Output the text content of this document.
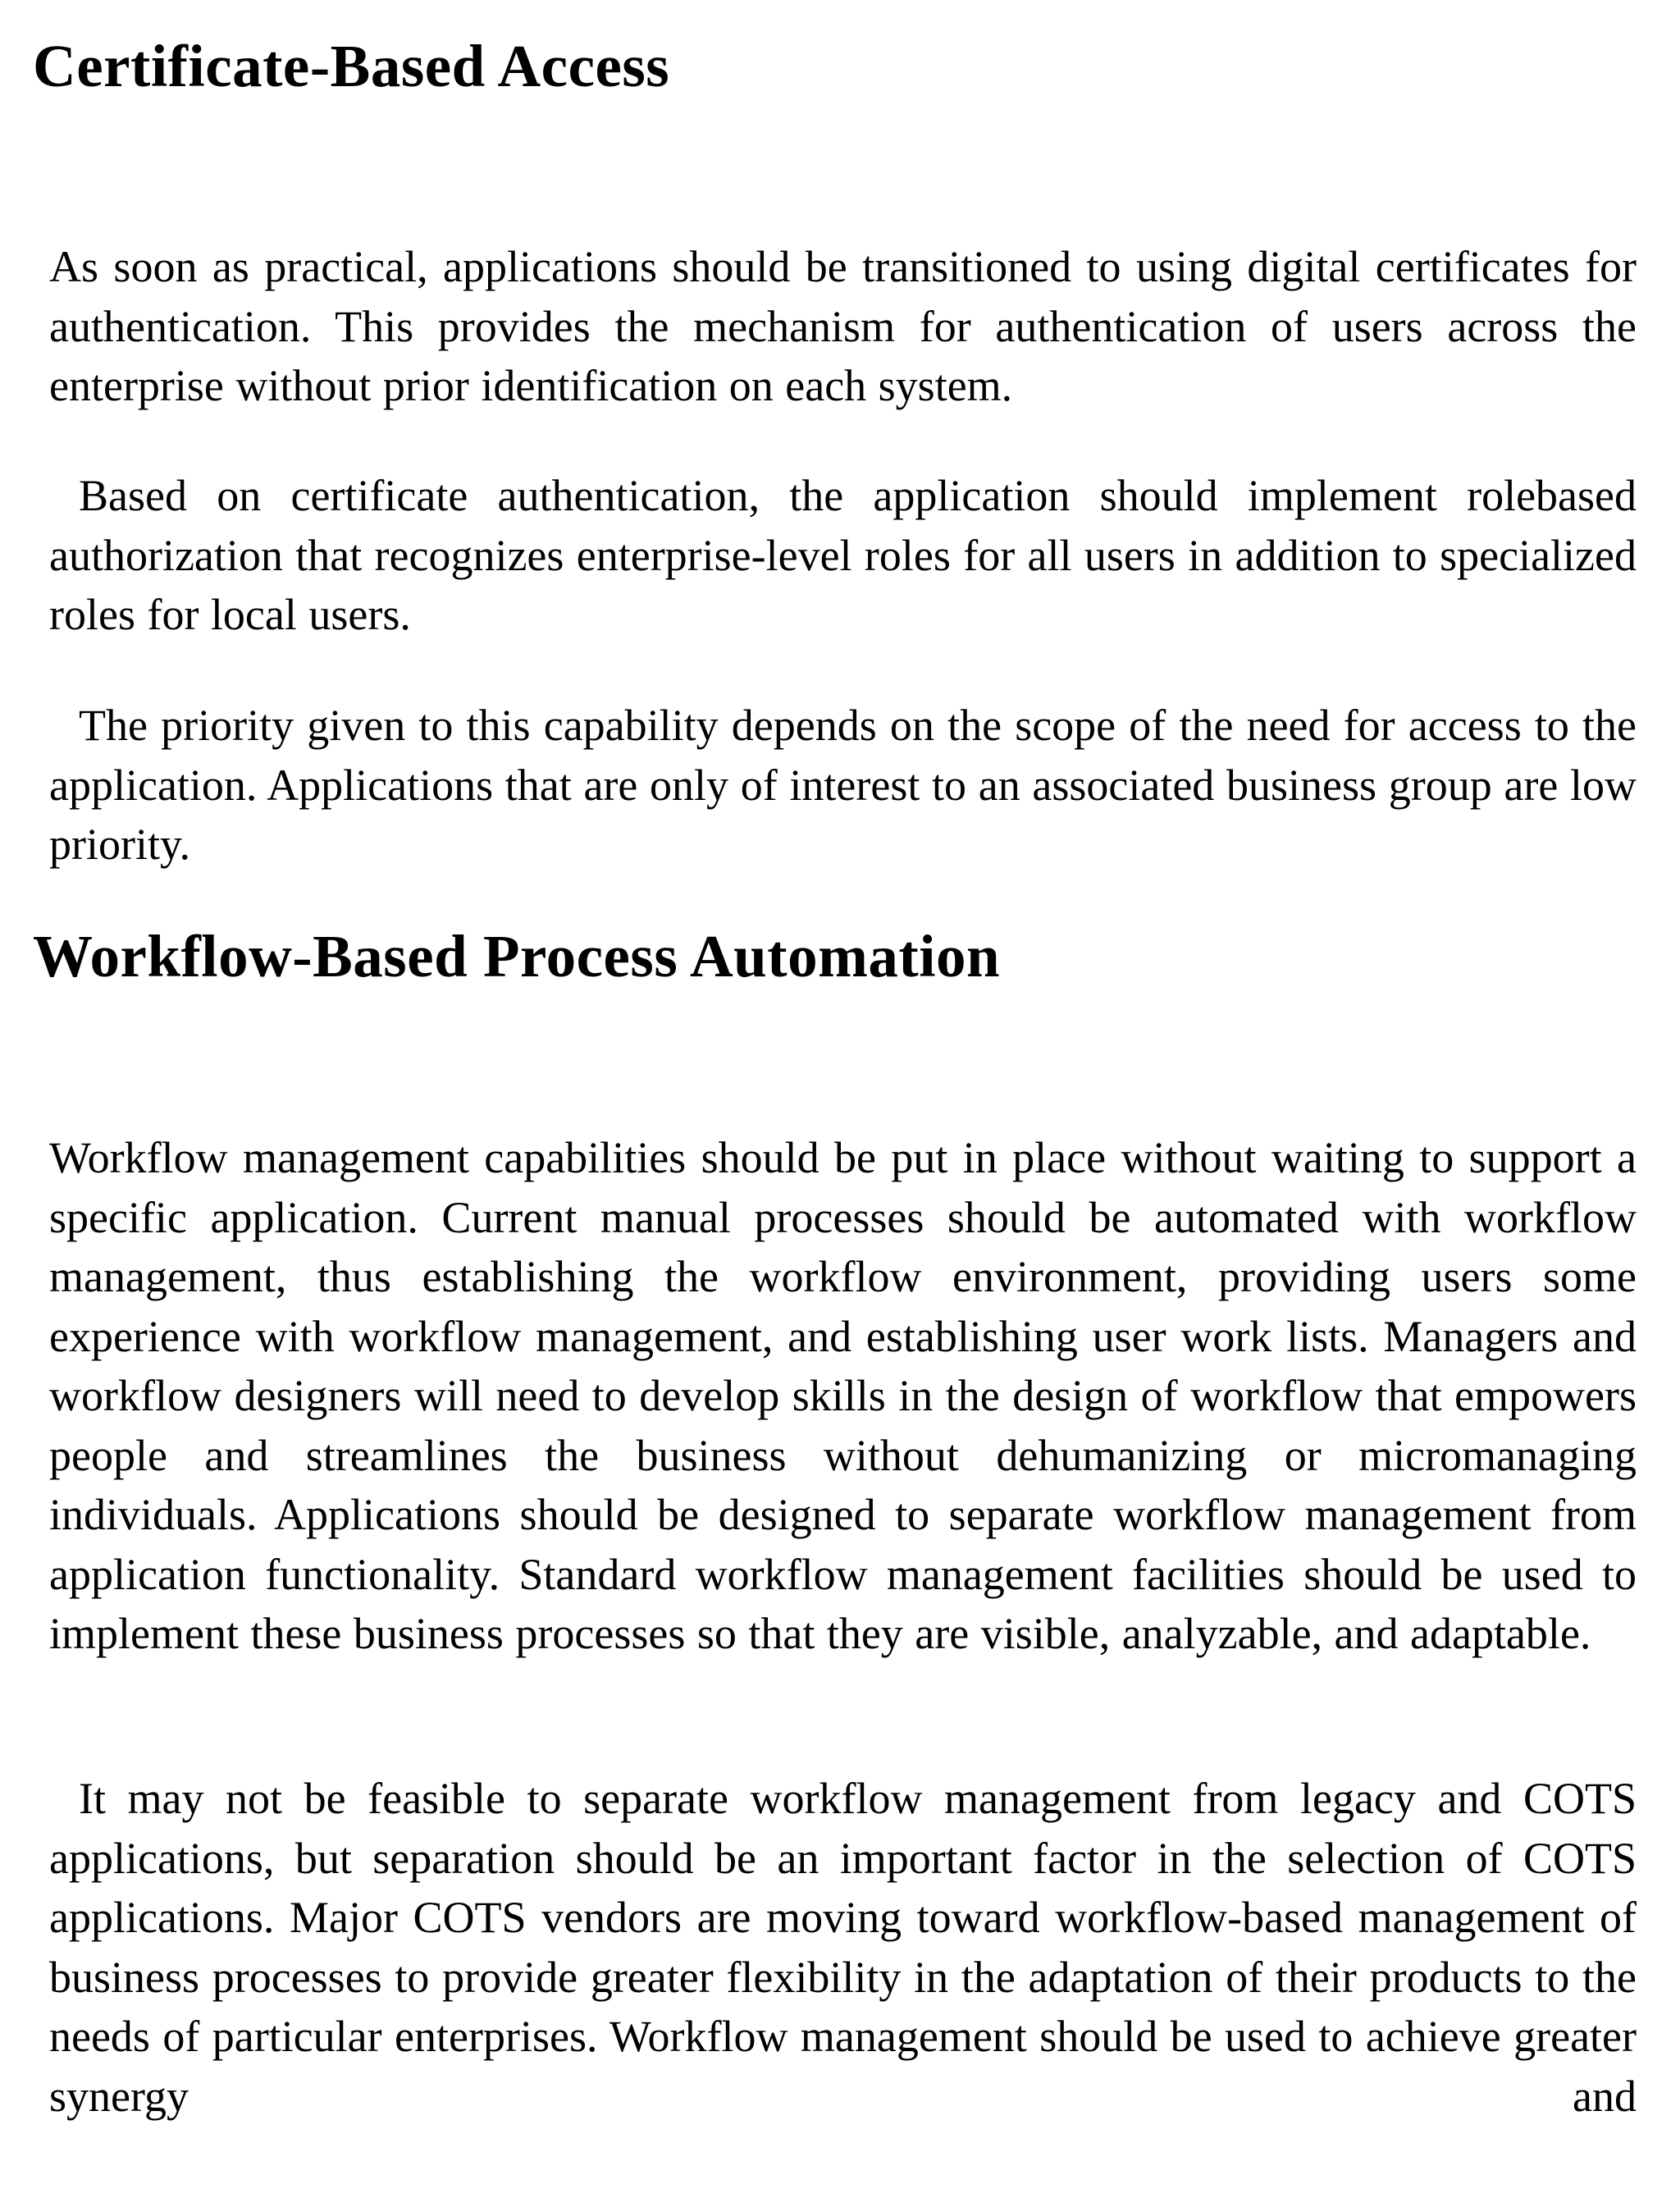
Certificate-Based Access

As soon as practical, applications should be transitioned to using digital certificates for authentication. This provides the mechanism for authentication of users across the enterprise without prior identification on each system.

Based on certificate authentication, the application should implement rolebased authorization that recognizes enterprise-level roles for all users in addition to specialized roles for local users.

The priority given to this capability depends on the scope of the need for access to the application. Applications that are only of interest to an associated business group are low priority.

Workflow-Based Process Automation

Workflow management capabilities should be put in place without waiting to support a specific application. Current manual processes should be automated with workflow management, thus establishing the workflow environment, providing users some experience with workflow management, and establishing user work lists. Managers and workflow designers will need to develop skills in the design of workflow that empowers people and streamlines the business without dehumanizing or micromanaging individuals. Applications should be designed to separate workflow management from application functionality. Standard workflow management facilities should be used to implement these business processes so that they are visible, analyzable, and adaptable.

It may not be feasible to separate workflow management from legacy and COTS applications, but separation should be an important factor in the selection of COTS applications. Major COTS vendors are moving toward workflow-based management of business processes to provide greater flexibility in the adaptation of their products to the needs of particular enterprises. Workflow management should be used to achieve greater synergy and
